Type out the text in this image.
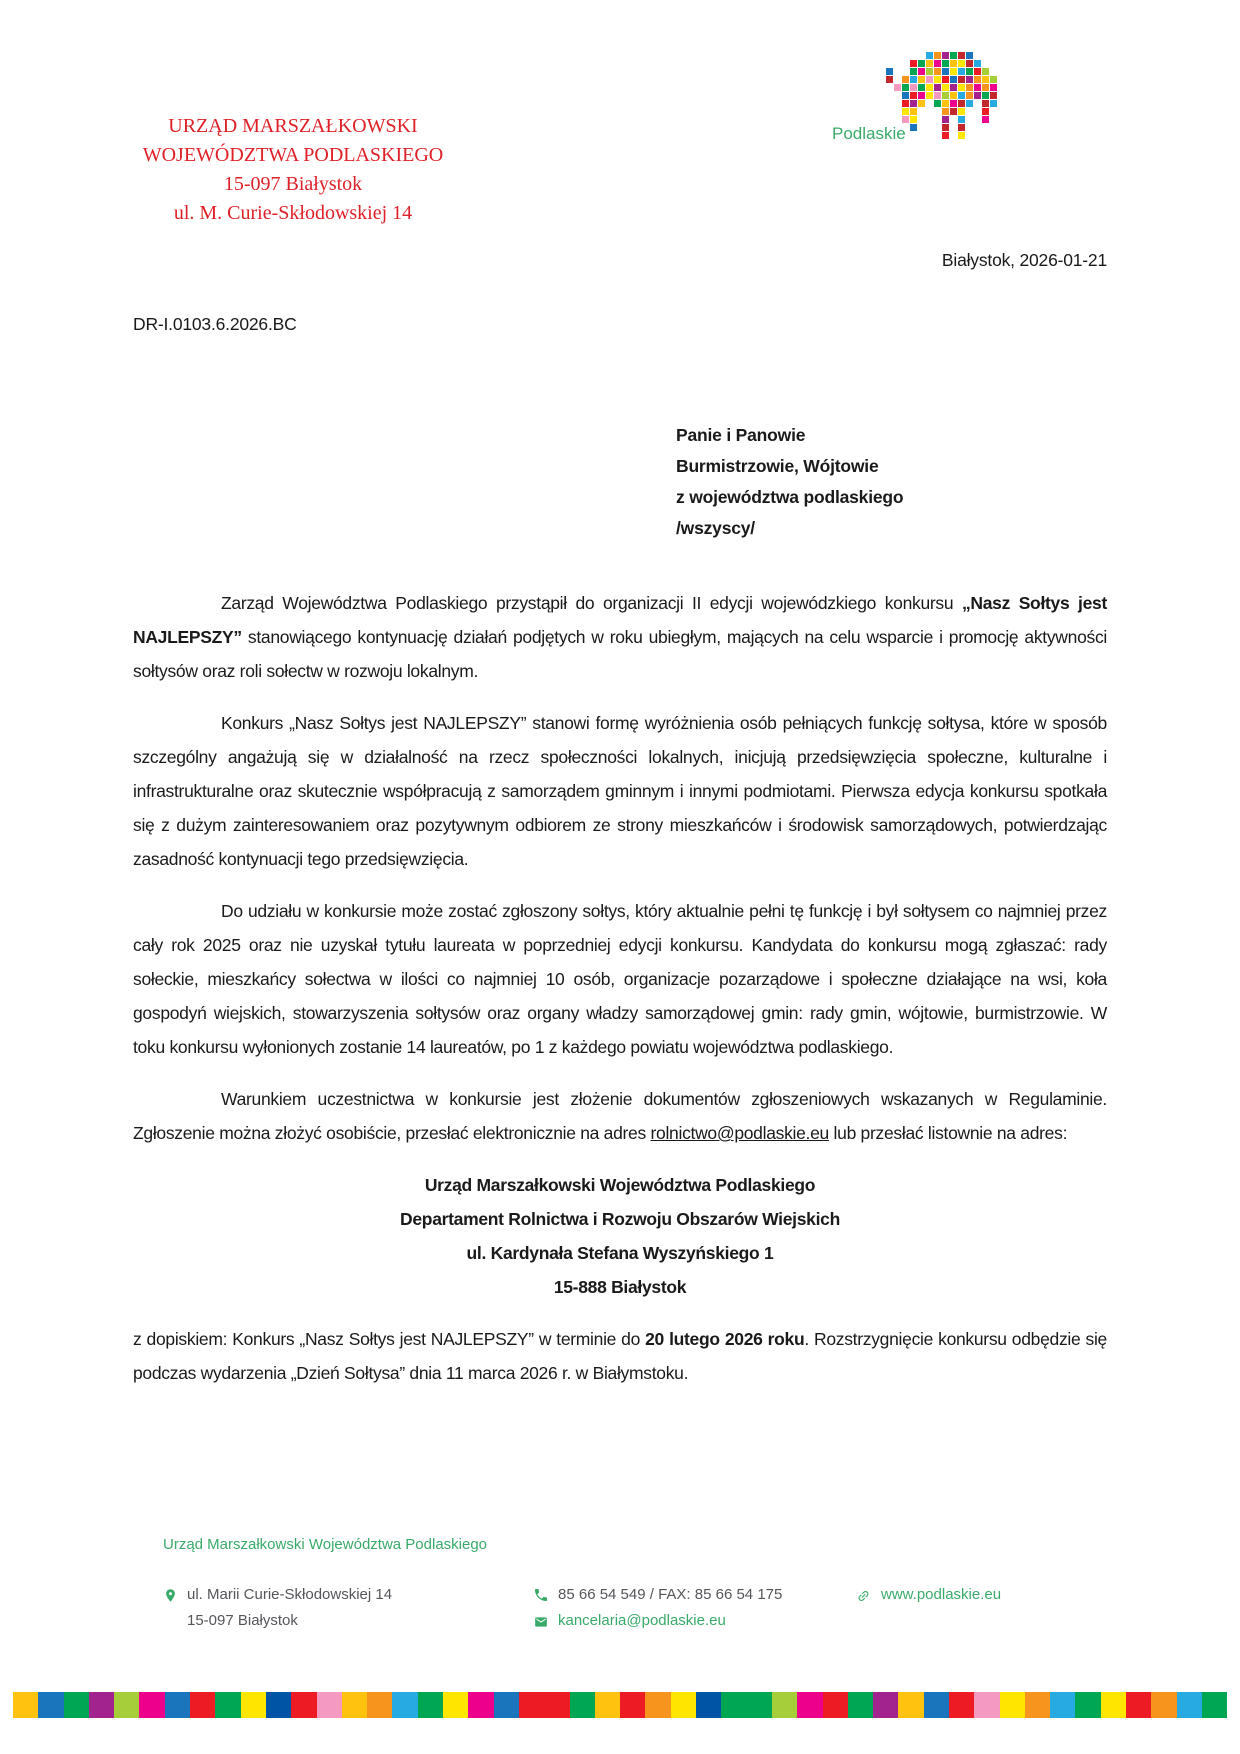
URZĄD MARSZAŁKOWSKI
WOJEWÓDZTWA PODLASKIEGO
15-097 Białystok
ul. M. Curie-Skłodowskiej 14
Podlaskie
Białystok, 2026-01-21
DR-I.0103.6.2026.BC
Panie i Panowie
Burmistrzowie, Wójtowie
z województwa podlaskiego
/wszyscy/

Zarząd Województwa Podlaskiego przystąpił do organizacji II edycji wojewódzkiego konkursu „Nasz Sołtys jest NAJLEPSZY” stanowiącego kontynuację działań podjętych w roku ubiegłym, mających na celu wsparcie i promocję aktywności sołtysów oraz roli sołectw w rozwoju lokalnym.

Konkurs „Nasz Sołtys jest NAJLEPSZY” stanowi formę wyróżnienia osób pełniących funkcję sołtysa, które w sposób szczególny angażują się w działalność na rzecz społeczności lokalnych, inicjują przedsięwzięcia społeczne, kulturalne i infrastrukturalne oraz skutecznie współpracują z samorządem gminnym i innymi podmiotami. Pierwsza edycja konkursu spotkała się z dużym zainteresowaniem oraz pozytywnym odbiorem ze strony mieszkańców i środowisk samorządowych, potwierdzając zasadność kontynuacji tego przedsięwzięcia.

Do udziału w konkursie może zostać zgłoszony sołtys, który aktualnie pełni tę funkcję i był sołtysem co najmniej przez cały rok 2025 oraz nie uzyskał tytułu laureata w poprzedniej edycji konkursu. Kandydata do konkursu mogą zgłaszać: rady sołeckie, mieszkańcy sołectwa w ilości co najmniej 10 osób, organizacje pozarządowe i społeczne działające na wsi, koła gospodyń wiejskich, stowarzyszenia sołtysów oraz organy władzy samorządowej gmin: rady gmin, wójtowie, burmistrzowie. W toku konkursu wyłonionych zostanie 14 laureatów, po 1 z każdego powiatu województwa podlaskiego.

Warunkiem uczestnictwa w konkursie jest złożenie dokumentów zgłoszeniowych wskazanych w Regulaminie. Zgłoszenie można złożyć osobiście, przesłać elektronicznie na adres rolnictwo@podlaskie.eu lub przesłać listownie na adres:

Urząd Marszałkowski Województwa Podlaskiego
Departament Rolnictwa i Rozwoju Obszarów Wiejskich
ul. Kardynała Stefana Wyszyńskiego 1
15-888 Białystok

z dopiskiem: Konkurs „Nasz Sołtys jest NAJLEPSZY” w terminie do 20 lutego 2026 roku. Rozstrzygnięcie konkursu odbędzie się podczas wydarzenia „Dzień Sołtysa” dnia 11 marca 2026 r. w Białymstoku.

Urząd Marszałkowski Województwa Podlaskiego
ul. Marii Curie-Skłodowskiej 14
15-097 Białystok
85 66 54 549 / FAX: 85 66 54 175
kancelaria@podlaskie.eu
www.podlaskie.eu
